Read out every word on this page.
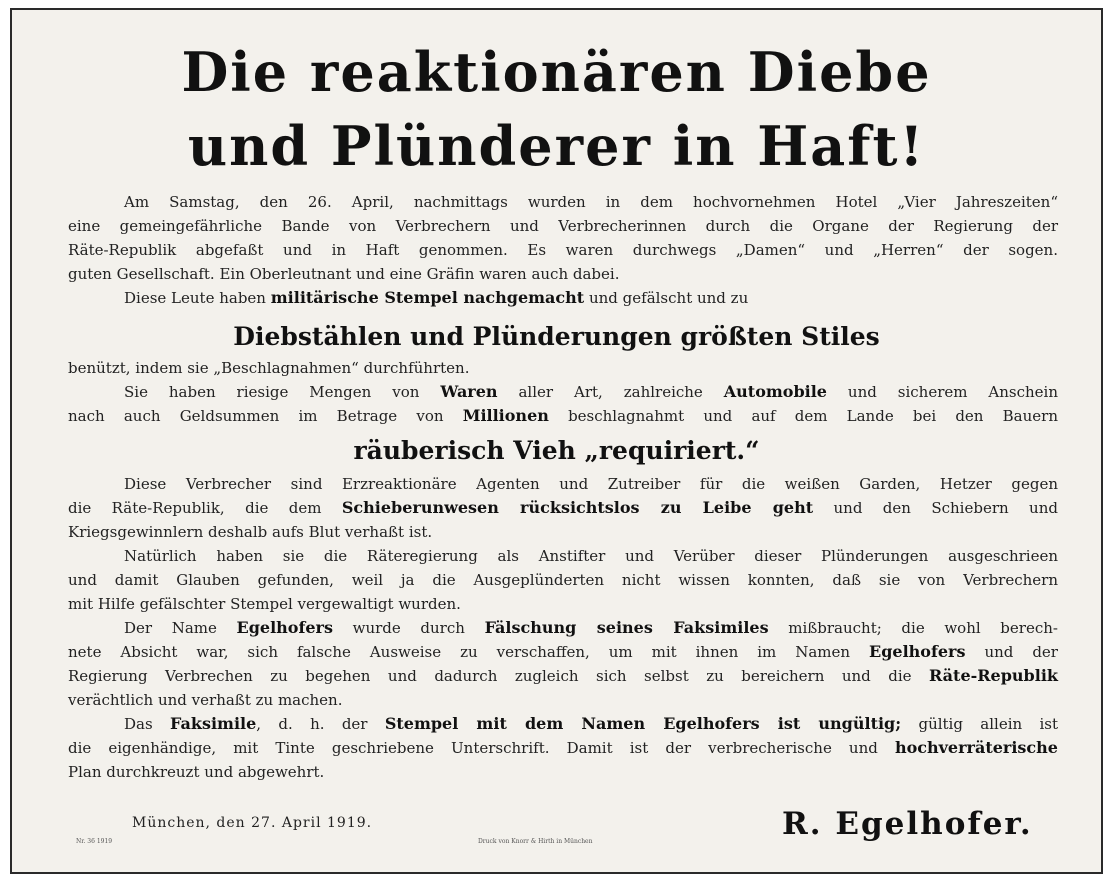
Die reaktionären Diebe
und Plünderer in Haft!
Am Samstag, den 26. April, nachmittags wurden in dem hochvornehmen Hotel „Vier Jahreszeiten“
eine gemeingefährliche Bande von Verbrechern und Verbrecherinnen durch die Organe der Regierung der
Räte-Republik abgefaßt und in Haft genommen. Es waren durchwegs „Damen“ und „Herren“ der sogen.
guten Gesellschaft. Ein Oberleutnant und eine Gräfin waren auch dabei.
Diese Leute haben militärische Stempel nachgemacht und gefälscht und zu
Diebstählen und Plünderungen größten Stiles
benützt, indem sie „Beschlagnahmen“ durchführten.
Sie haben riesige Mengen von Waren aller Art, zahlreiche Automobile und sicherem Anschein
nach auch Geldsummen im Betrage von Millionen beschlagnahmt und auf dem Lande bei den Bauern
räuberisch Vieh „requiriert.“
Diese Verbrecher sind Erzreaktionäre Agenten und Zutreiber für die weißen Garden, Hetzer gegen
die Räte-Republik, die dem Schieberunwesen rücksichtslos zu Leibe geht und den Schiebern und
Kriegsgewinnlern deshalb aufs Blut verhaßt ist.
Natürlich haben sie die Räteregierung als Anstifter und Verüber dieser Plünderungen ausgeschrieen
und damit Glauben gefunden, weil ja die Ausgeplünderten nicht wissen konnten, daß sie von Verbrechern
mit Hilfe gefälschter Stempel vergewaltigt wurden.
Der Name Egelhofers wurde durch Fälschung seines Faksimiles mißbraucht; die wohl berech-
nete Absicht war, sich falsche Ausweise zu verschaffen, um mit ihnen im Namen Egelhofers und der
Regierung Verbrechen zu begehen und dadurch zugleich sich selbst zu bereichern und die Räte-Republik
verächtlich und verhaßt zu machen.
Das Faksimile, d. h. der Stempel mit dem Namen Egelhofers ist ungültig; gültig allein ist
die eigenhändige, mit Tinte geschriebene Unterschrift. Damit ist der verbrecherische und hochverräterische
Plan durchkreuzt und abgewehrt.
München, den 27. April 1919.	R. Egelhofer.
Nr. 36 1919	Druck von Knorr & Hirth in München
